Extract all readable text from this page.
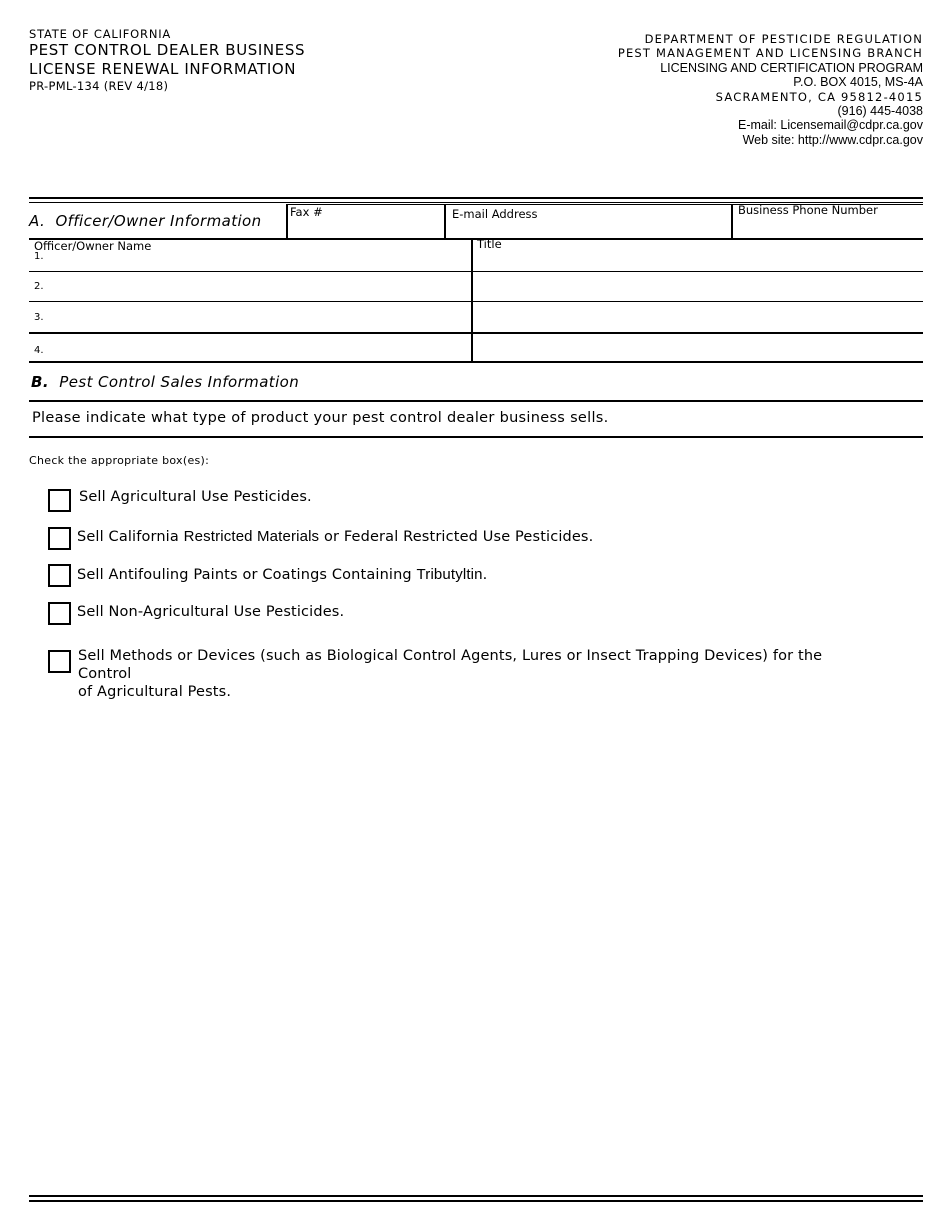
STATE OF CALIFORNIA
PEST CONTROL DEALER BUSINESS
LICENSE RENEWAL INFORMATION
PR-PML-134 (REV 4/18)
DEPARTMENT OF PESTICIDE REGULATION
PEST MANAGEMENT AND LICENSING BRANCH
LICENSING AND CERTIFICATION PROGRAM
P.O. BOX 4015, MS-4A
SACRAMENTO, CA 95812-4015
(916) 445-4038
E-mail: Licensemail@cdpr.ca.gov
Web site: http://www.cdpr.ca.gov
A. Officer/Owner Information Fax #	E-mail Address	Business Phone Number
Officer/Owner Name	Title
1.
2.
3.
4.
B. Pest Control Sales Information
Please indicate what type of product your pest control dealer business sells.
Check the appropriate box(es):
Sell Agricultural Use Pesticides.
Sell California Restricted Materials or Federal Restricted Use Pesticides.
Sell Antifouling Paints or Coatings Containing Tributyltin.
Sell Non-Agricultural Use Pesticides.
Sell Methods or Devices (such as Biological Control Agents, Lures or Insect Trapping Devices) for the Control
of Agricultural Pests.
